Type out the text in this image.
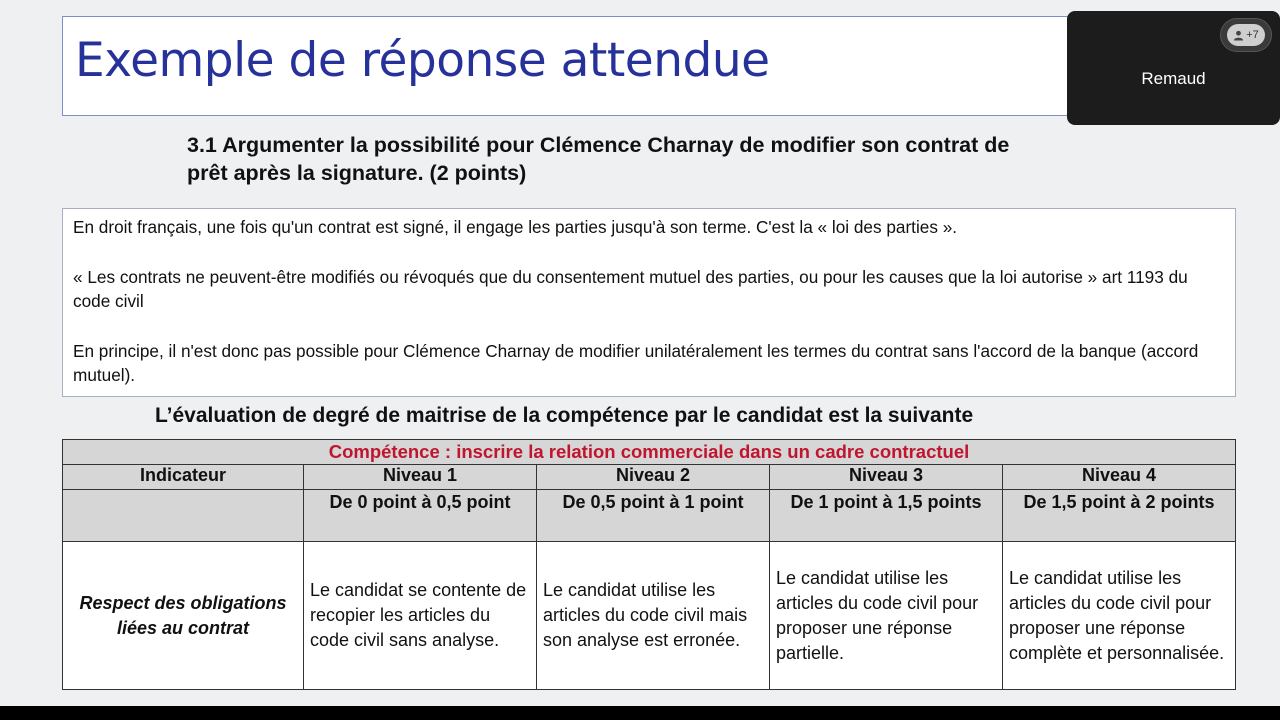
Exemple de réponse attendue
3.1 Argumenter la possibilité pour Clémence Charnay de modifier son contrat de
prêt après la signature. (2 points)

En droit français, une fois qu'un contrat est signé, il engage les parties jusqu'à son terme. C'est la « loi des parties ».

« Les contrats ne peuvent-être modifiés ou révoqués que du consentement mutuel des parties, ou pour les causes que la loi autorise » art 1193 du code civil

En principe, il n'est donc pas possible pour Clémence Charnay de modifier unilatéralement les termes du contrat sans l'accord de la banque (accord mutuel).

L’évaluation de degré de maitrise de la compétence par le candidat est la suivante
Compétence : inscrire la relation commerciale dans un cadre contractuel				
Indicateur	Niveau 1	Niveau 2	Niveau 3	Niveau 4
	De 0 point à 0,5 point	De 0,5 point à 1 point	De 1 point à 1,5 points	De 1,5 point à 2 points
Respect des obligations liées au contrat	Le candidat se contente de recopier les articles du code civil sans analyse.	Le candidat utilise les articles du code civil mais son analyse est erronée.	Le candidat utilise les articles du code civil pour proposer une réponse partielle.	Le candidat utilise les articles du code civil pour proposer une réponse complète et personnalisée.
+7
Remaud
